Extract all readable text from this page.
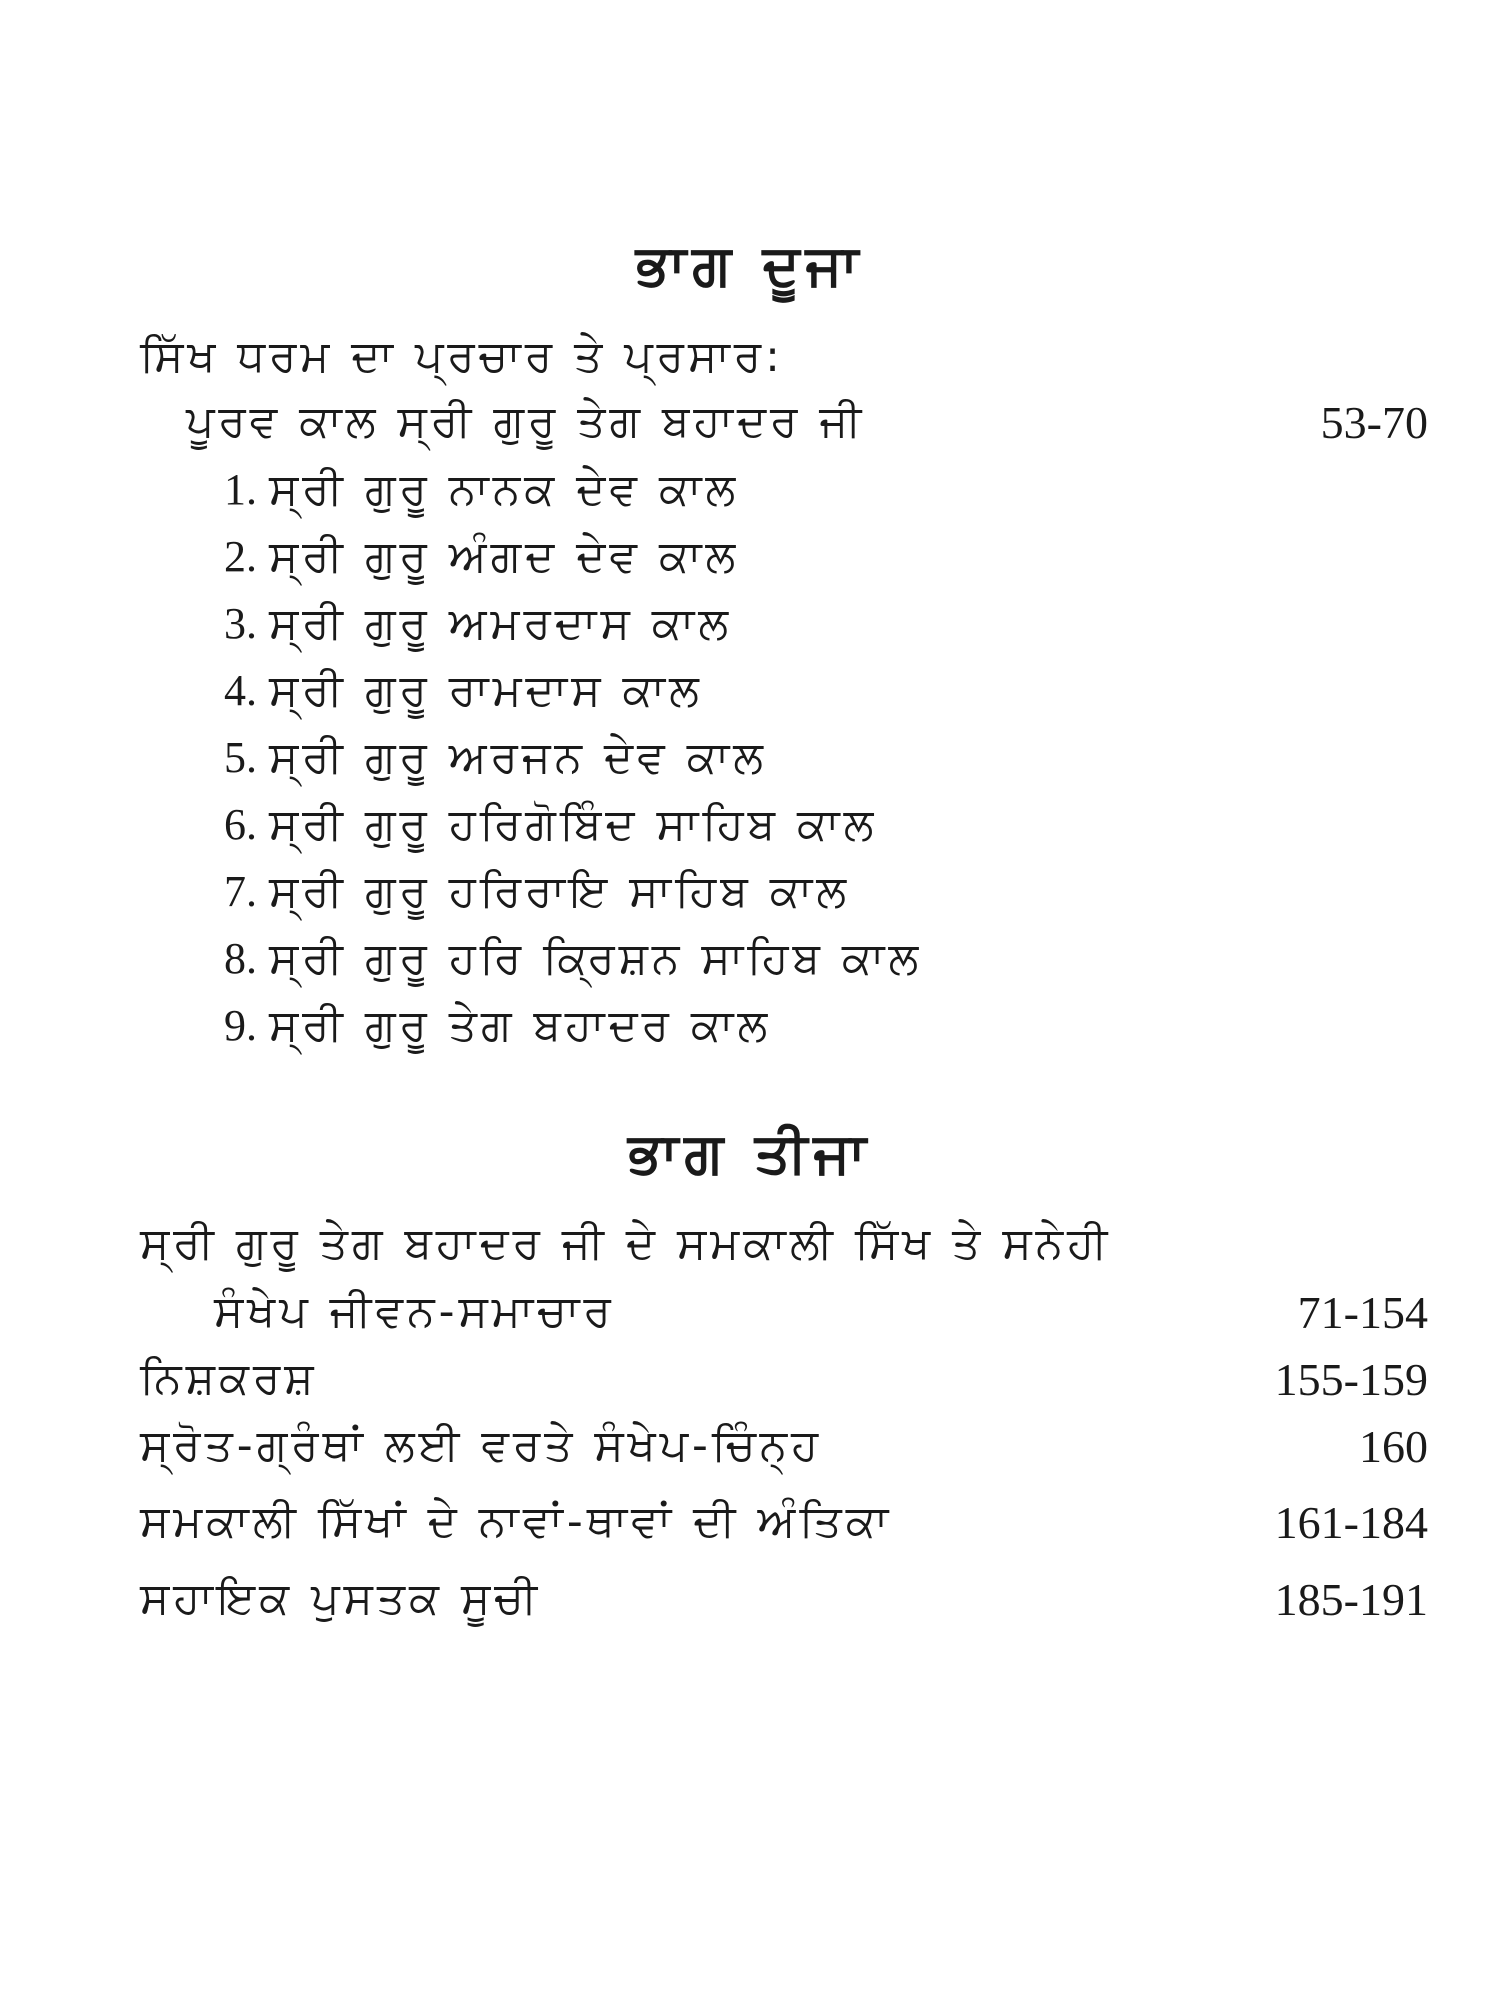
ਭਾਗ ਦੂਜਾ
ਸਿੱਖ ਧਰਮ ਦਾ ਪ੍ਰਚਾਰ ਤੇ ਪ੍ਰਸਾਰ:
ਪੂਰਵ ਕਾਲ ਸ੍ਰੀ ਗੁਰੂ ਤੇਗ ਬਹਾਦਰ ਜੀ	53-70
1. ਸ੍ਰੀ ਗੁਰੂ ਨਾਨਕ ਦੇਵ ਕਾਲ
2. ਸ੍ਰੀ ਗੁਰੂ ਅੰਗਦ ਦੇਵ ਕਾਲ
3. ਸ੍ਰੀ ਗੁਰੂ ਅਮਰਦਾਸ ਕਾਲ
4. ਸ੍ਰੀ ਗੁਰੂ ਰਾਮਦਾਸ ਕਾਲ
5. ਸ੍ਰੀ ਗੁਰੂ ਅਰਜਨ ਦੇਵ ਕਾਲ
6. ਸ੍ਰੀ ਗੁਰੂ ਹਰਿਗੋਬਿੰਦ ਸਾਹਿਬ ਕਾਲ
7. ਸ੍ਰੀ ਗੁਰੂ ਹਰਿਰਾਇ ਸਾਹਿਬ ਕਾਲ
8. ਸ੍ਰੀ ਗੁਰੂ ਹਰਿ ਕ੍ਰਿਸ਼ਨ ਸਾਹਿਬ ਕਾਲ
9. ਸ੍ਰੀ ਗੁਰੂ ਤੇਗ ਬਹਾਦਰ ਕਾਲ
ਭਾਗ ਤੀਜਾ
ਸ੍ਰੀ ਗੁਰੂ ਤੇਗ ਬਹਾਦਰ ਜੀ ਦੇ ਸਮਕਾਲੀ ਸਿੱਖ ਤੇ ਸਨੇਹੀ
ਸੰਖੇਪ ਜੀਵਨ-ਸਮਾਚਾਰ	71-154
ਨਿਸ਼ਕਰਸ਼	155-159
ਸ੍ਰੋਤ-ਗ੍ਰੰਥਾਂ ਲਈ ਵਰਤੇ ਸੰਖੇਪ-ਚਿੰਨ੍ਹ	160
ਸਮਕਾਲੀ ਸਿੱਖਾਂ ਦੇ ਨਾਵਾਂ-ਥਾਵਾਂ ਦੀ ਅੰਤਿਕਾ	161-184
ਸਹਾਇਕ ਪੁਸਤਕ ਸੂਚੀ	185-191
